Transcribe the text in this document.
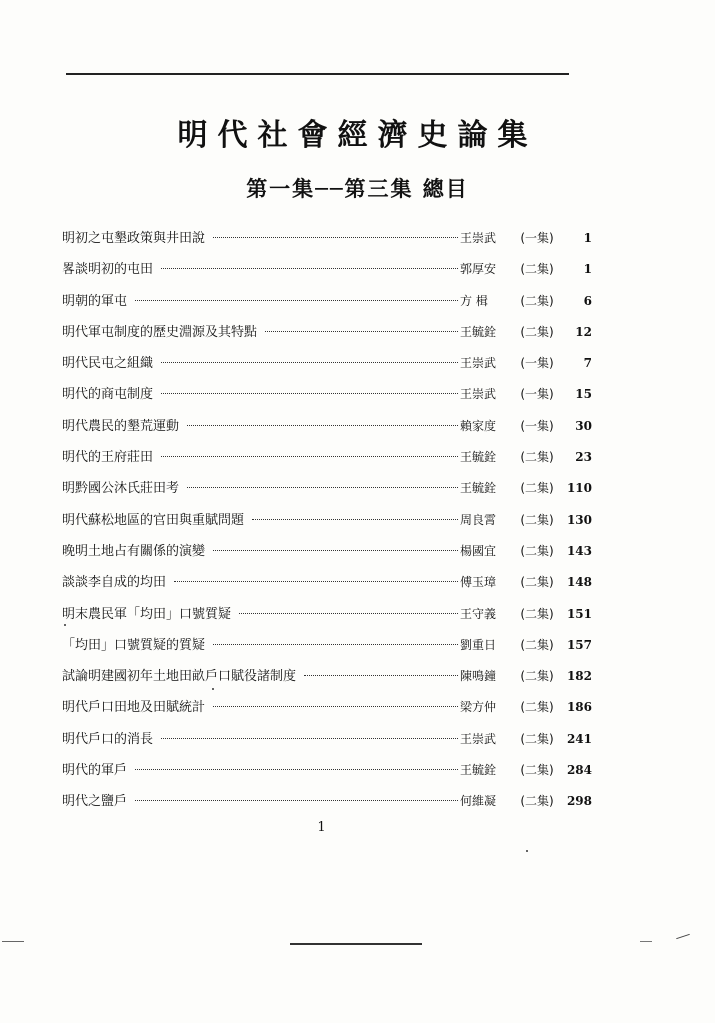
明代社會經濟史論集
第一集──第三集 總目
明初之屯墾政策與井田說	王崇武	(一集)	1
畧談明初的屯田	郭厚安	(二集)	1
明朝的軍屯	方 楫	(二集)	6
明代軍屯制度的歷史淵源及其特點	王毓銓	(二集)	12
明代民屯之組織	王崇武	(一集)	7
明代的商屯制度	王崇武	(一集)	15
明代農民的墾荒運動	賴家度	(一集)	30
明代的王府莊田	王毓銓	(二集)	23
明黔國公沐氏莊田考	王毓銓	(二集)	110
明代蘇松地區的官田與重賦問題	周良霄	(二集)	130
晚明土地占有關係的演變	楊國宜	(二集)	143
談談李自成的均田	傅玉璋	(二集)	148
明末農民軍「均田」口號質疑	王守義	(二集)	151
「均田」口號質疑的質疑	劉重日	(二集)	157
試論明建國初年土地田畝戶口賦役諸制度	陳鳴鐘	(二集)	182
明代戶口田地及田賦統計	梁方仲	(二集)	186
明代戶口的消長	王崇武	(二集)	241
明代的軍戶	王毓銓	(二集)	284
明代之鹽戶	何維凝	(二集)	298
1
